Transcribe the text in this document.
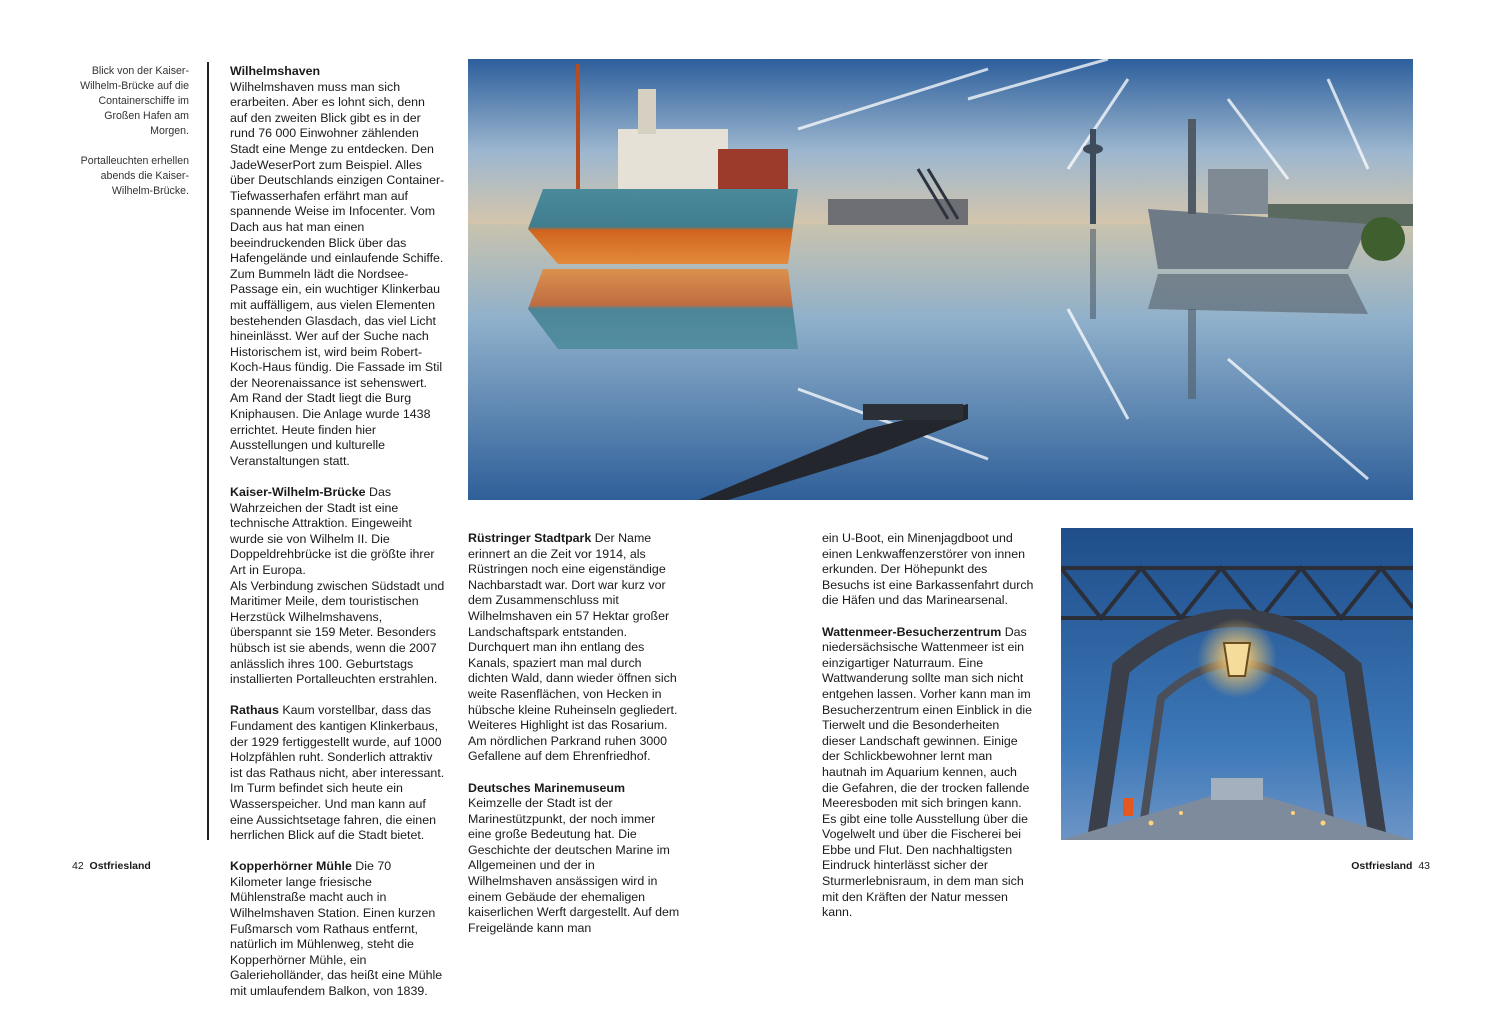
Blick von der Kaiser-Wilhelm-Brücke auf die Containerschiffe im Großen Hafen am Morgen.

Portalleuchten erhellen abends die Kaiser-Wilhelm-Brücke.

Wilhelmshaven
Wilhelmshaven muss man sich erarbeiten. Aber es lohnt sich, denn auf den zweiten Blick gibt es in der rund 76 000 Einwohner zählenden Stadt eine Menge zu entdecken. Den JadeWeserPort zum Beispiel. Alles über Deutschlands einzigen Container-Tiefwasserhafen erfährt man auf spannende Weise im Infocenter. Vom Dach aus hat man einen beeindruckenden Blick über das Hafengelände und einlaufende Schiffe. Zum Bummeln lädt die Nordsee-Passage ein, ein wuchtiger Klinkerbau mit auffälligem, aus vielen Elementen bestehenden Glasdach, das viel Licht hineinlässt. Wer auf der Suche nach Historischem ist, wird beim Robert-Koch-Haus fündig. Die Fassade im Stil der Neorenaissance ist sehenswert. Am Rand der Stadt liegt die Burg Kniphausen. Die Anlage wurde 1438 errichtet. Heute finden hier Ausstellungen und kulturelle Veranstaltungen statt.

Kaiser-Wilhelm-Brücke Das Wahrzeichen der Stadt ist eine technische Attraktion. Eingeweiht wurde sie von Wilhelm II. Die Doppeldrehbrücke ist die größte ihrer Art in Europa.
Als Verbindung zwischen Südstadt und Maritimer Meile, dem touristischen Herzstück Wilhelmshavens, überspannt sie 159 Meter. Besonders hübsch ist sie abends, wenn die 2007 anlässlich ihres 100. Geburtstags installierten Portalleuchten erstrahlen.

Rathaus Kaum vorstellbar, dass das Fundament des kantigen Klinkerbaus, der 1929 fertiggestellt wurde, auf 1000 Holzpfählen ruht. Sonderlich attraktiv ist das Rathaus nicht, aber interessant. Im Turm befindet sich heute ein Wasserspeicher. Und man kann auf eine Aussichtsetage fahren, die einen herrlichen Blick auf die Stadt bietet.

Kopperhörner Mühle Die 70 Kilometer lange friesische Mühlenstraße macht auch in Wilhelmshaven Station. Einen kurzen Fußmarsch vom Rathaus entfernt, natürlich im Mühlenweg, steht die Kopperhörner Mühle, ein Galerieholländer, das heißt eine Mühle mit umlaufendem Balkon, von 1839.

Rüstringer Stadtpark Der Name erinnert an die Zeit vor 1914, als Rüstringen noch eine eigenständige Nachbarstadt war. Dort war kurz vor dem Zusammenschluss mit Wilhelmshaven ein 57 Hektar großer Landschaftspark entstanden. Durchquert man ihn entlang des Kanals, spaziert man mal durch dichten Wald, dann wieder öffnen sich weite Rasenflächen, von Hecken in hübsche kleine Ruheinseln gegliedert. Weiteres Highlight ist das Rosarium. Am nördlichen Parkrand ruhen 3000 Gefallene auf dem Ehrenfriedhof.

Deutsches Marinemuseum Keimzelle der Stadt ist der Marinestützpunkt, der noch immer eine große Bedeutung hat. Die Geschichte der deutschen Marine im Allgemeinen und der in Wilhelmshaven ansässigen wird in einem Gebäude der ehemaligen kaiserlichen Werft dargestellt. Auf dem Freigelände kann man

ein U-Boot, ein Minenjagdboot und einen Lenkwaffenzerstörer von innen erkunden. Der Höhepunkt des Besuchs ist eine Barkassenfahrt durch die Häfen und das Marinearsenal.

Wattenmeer-Besucherzentrum Das niedersächsische Wattenmeer ist ein einzigartiger Naturraum. Eine Wattwanderung sollte man sich nicht entgehen lassen. Vorher kann man im Besucherzentrum einen Einblick in die Tierwelt und die Besonderheiten dieser Landschaft gewinnen. Einige der Schlickbewohner lernt man hautnah im Aquarium kennen, auch die Gefahren, die der trocken fallende Meeresboden mit sich bringen kann. Es gibt eine tolle Ausstellung über die Vogelwelt und über die Fischerei bei Ebbe und Flut. Den nachhaltigsten Eindruck hinterlässt sicher der Sturmerlebnisraum, in dem man sich mit den Kräften der Natur messen kann.

42 Ostfriesland	Ostfriesland 43
